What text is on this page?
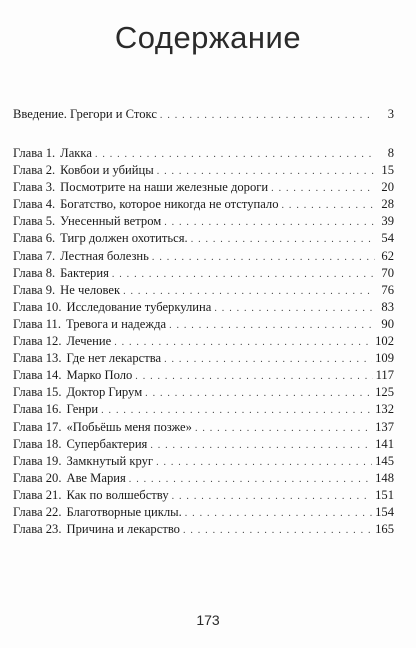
Содержание
Введение. Грегори и Стокс . . .	3
Глава 1. Лакка . . .	8
Глава 2. Ковбои и убийцы . . .	15
Глава 3. Посмотрите на наши железные дороги . . .	20
Глава 4. Богатство, которое никогда не отступало . . .	28
Глава 5. Унесенный ветром . . .	39
Глава 6. Тигр должен охотиться. . . .	54
Глава 7. Лестная болезнь . . .	62
Глава 8. Бактерия . . .	70
Глава 9. Не человек . . .	76
Глава 10. Исследование туберкулина . . .	83
Глава 11. Тревога и надежда . . .	90
Глава 12. Лечение . . .	102
Глава 13. Где нет лекарства . . .	109
Глава 14. Марко Поло . . .	117
Глава 15. Доктор Гирум . . .	125
Глава 16. Генри . . .	132
Глава 17. «Побьёшь меня позже» . . .	137
Глава 18. Супербактерия . . .	141
Глава 19. Замкнутый круг . . .	145
Глава 20. Аве Мария . . .	148
Глава 21. Как по волшебству . . .	151
Глава 22. Благотворные циклы. . . .	154
Глава 23. Причина и лекарство . . .	165
173
